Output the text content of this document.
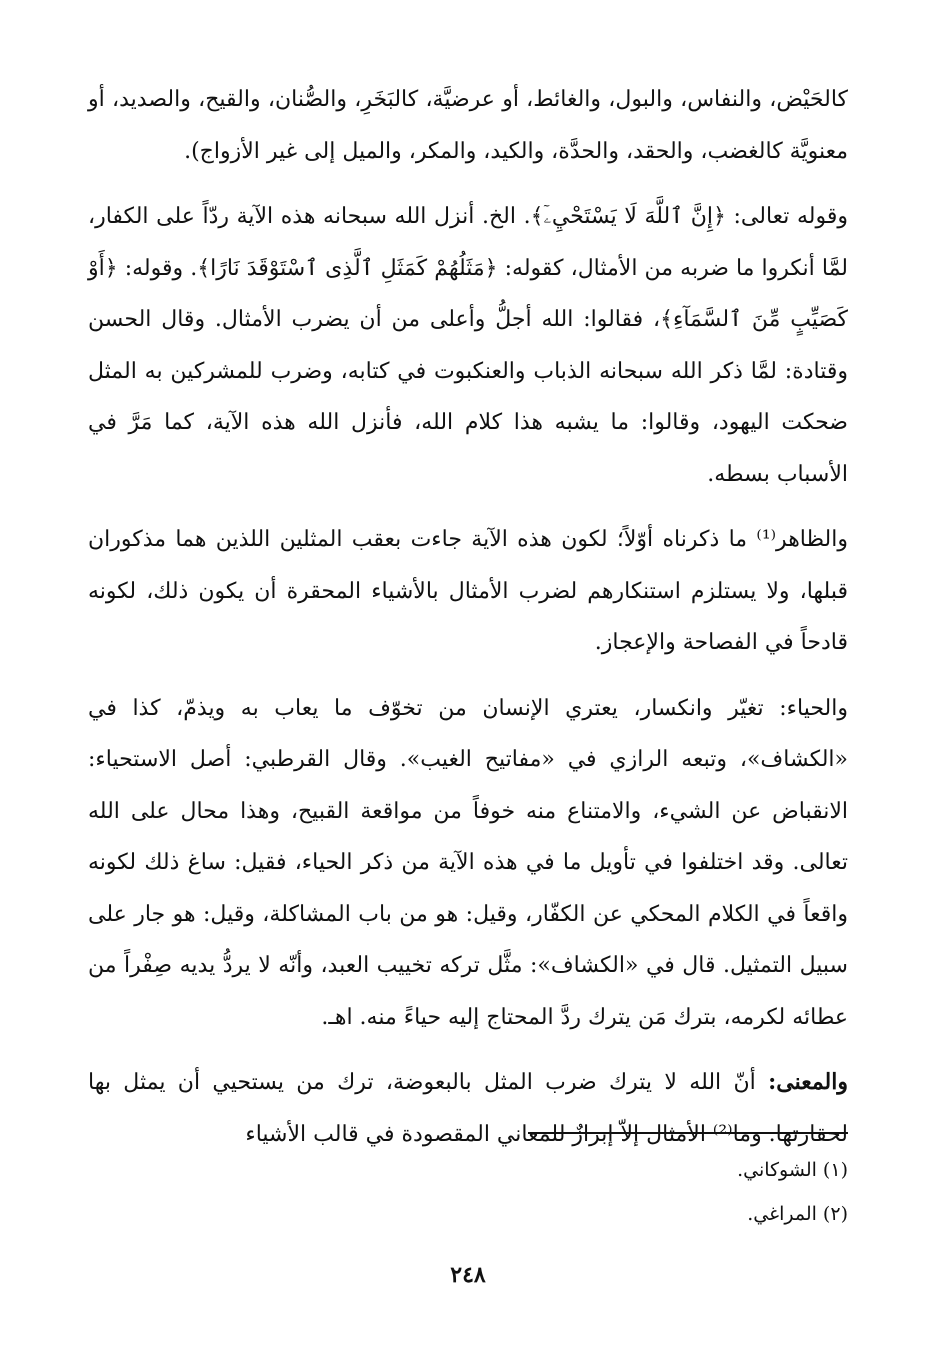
كالحَيْض، والنفاس، والبول، والغائط، أو عرضيَّة، كالبَخَرِ، والصُّنان، والقيح، والصديد، أو معنويَّة كالغضب، والحقد، والحدَّة، والكيد، والمكر، والميل إلى غير الأزواج).

وقوله تعالى: ﴿إِنَّ ٱللَّهَ لَا يَسْتَحْيِۦٓ﴾. الخ. أنزل الله سبحانه هذه الآية ردّاً على الكفار، لمَّا أنكروا ما ضربه من الأمثال، كقوله: ﴿مَثَلُهُمْ كَمَثَلِ ٱلَّذِى ٱسْتَوْقَدَ نَارًا﴾. وقوله: ﴿أَوْ كَصَيِّبٍ مِّنَ ٱلسَّمَآءِ﴾، فقالوا: الله أجلُّ وأعلى من أن يضرب الأمثال. وقال الحسن وقتادة: لمَّا ذكر الله سبحانه الذباب والعنكبوت في كتابه، وضرب للمشركين به المثل ضحكت اليهود، وقالوا: ما يشبه هذا كلام الله، فأنزل الله هذه الآية، كما مَرَّ في الأسباب بسطه.

والظاهر⁽¹⁾ ما ذكرناه أوّلاً؛ لكون هذه الآية جاءت بعقب المثلين اللذين هما مذكوران قبلها، ولا يستلزم استنكارهم لضرب الأمثال بالأشياء المحقرة أن يكون ذلك، لكونه قادحاً في الفصاحة والإعجاز.

والحياء: تغيّر وانكسار، يعتري الإنسان من تخوّف ما يعاب به ويذمّ، كذا في «الكشاف»، وتبعه الرازي في «مفاتيح الغيب». وقال القرطبي: أصل الاستحياء: الانقباض عن الشيء، والامتناع منه خوفاً من مواقعة القبيح، وهذا محال على الله تعالى. وقد اختلفوا في تأويل ما في هذه الآية من ذكر الحياء، فقيل: ساغ ذلك لكونه واقعاً في الكلام المحكي عن الكفّار، وقيل: هو من باب المشاكلة، وقيل: هو جار على سبيل التمثيل. قال في «الكشاف»: مثَّل تركه تخييب العبد، وأنّه لا يردُّ يديه صِفْراً من عطائه لكرمه، بترك مَن يترك ردَّ المحتاج إليه حياءً منه. اهـ.

والمعنى: أنّ الله لا يترك ضرب المثل بالبعوضة، ترك من يستحيي أن يمثل بها لحقارتها. وما⁽²⁾ الأمثال إلاّ إبرازٌ للمعاني المقصودة في قالب الأشياء

(١) الشوكاني.

(٢) المراغي.

٢٤٨
